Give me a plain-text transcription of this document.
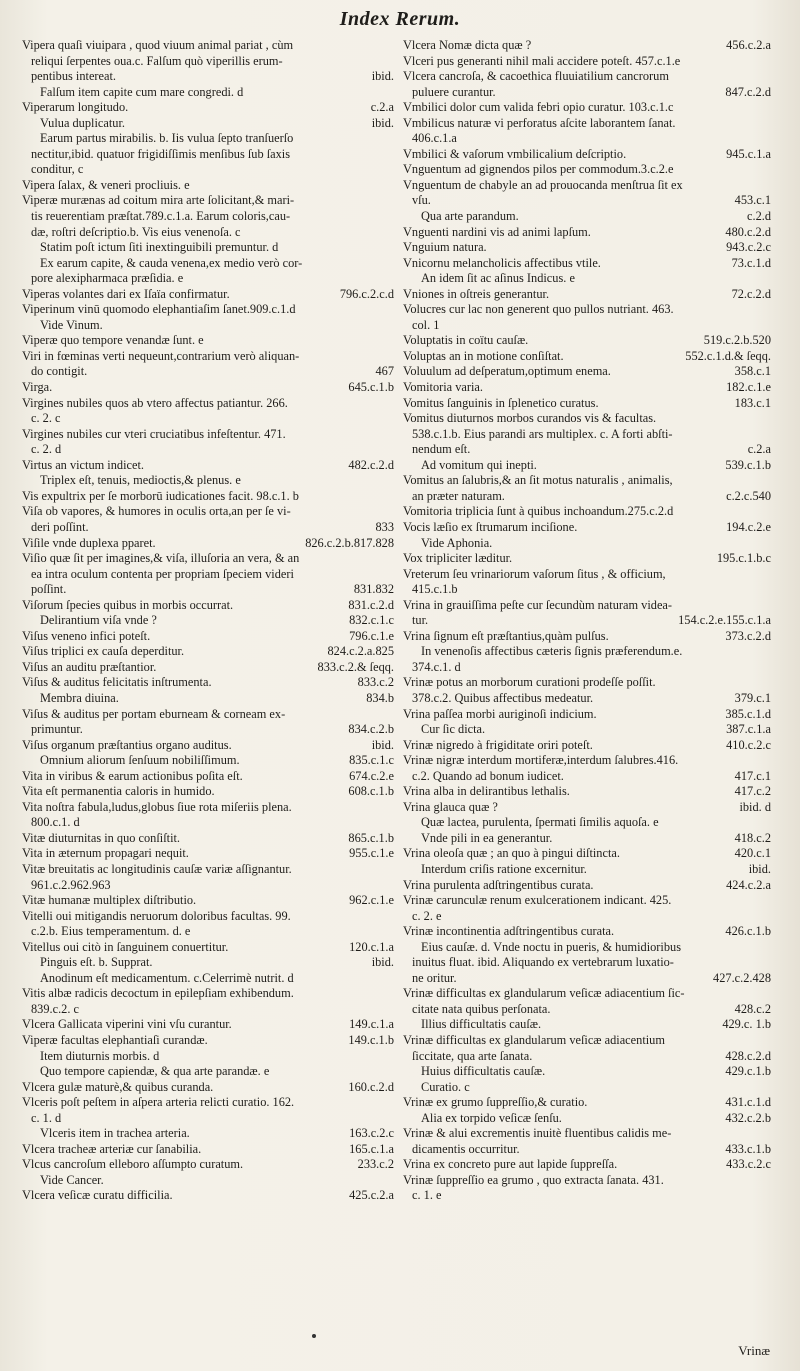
Index Rerum.
Vipera quaſi viuipara , quod viuum animal pariat , cùm
reliqui ſerpentes oua.c. Falſum quò viperillis erum-
pentibus intereat.	ibid.
Falſum item capite cum mare congredi. d
Viperarum longitudo.	c.2.a
Vulua duplicatur.	ibid.
Earum partus mirabilis. b. Iis vulua ſepto tranſuerſo
nectitur,ibid. quatuor frigidiſſimis menſibus ſub ſaxis
conditur, c
Vipera ſalax, & veneri procliuis. e
Viperæ murænas ad coitum mira arte ſolicitant,& mari-
tis reuerentiam præſtat.789.c.1.a. Earum coloris,cau-
dæ, roſtri deſcriptio.b. Vis eius venenoſa. c
Statim poſt ictum ſiti inextinguibili premuntur. d
Ex earum capite, & cauda venena,ex medio verò cor-
pore alexipharmaca præſidia. e
Viperas volantes dari ex Iſaïa confirmatur.	796.c.2.c.d
Viperinum vinū quomodo elephantiaſim ſanet.909.c.1.d
Vide Vinum.
Viperæ quo tempore venandæ ſunt. e
Viri in fœminas verti nequeunt,contrarium verò aliquan-
do contigit.	467
Virga.	645.c.1.b
Virgines nubiles quos ab vtero affectus patiantur. 266.
c. 2. c
Virgines nubiles cur vteri cruciatibus infeſtentur. 471.
c. 2. d
Virtus an victum indicet.	482.c.2.d
Triplex eſt, tenuis, medioctis,& plenus. e
Vis expultrix per ſe morborū iudicationes facit. 98.c.1. b
Viſa ob vapores, & humores in oculis orta,an per ſe vi-
deri poſſint.	833
Viſile vnde duplexa pparet.	826.c.2.b.817.828
Viſio quæ ſit per imagines,& viſa, illuſoria an vera, & an
ea intra oculum contenta per propriam ſpeciem videri
poſſint.	831.832
Viſorum ſpecies quibus in morbis occurrat.	831.c.2.d
Delirantium viſa vnde ?	832.c.1.c
Viſus veneno infici poteſt.	796.c.1.e
Viſus triplici ex cauſa deperditur.	824.c.2.a.825
Viſus an auditu præſtantior.	833.c.2.& ſeqq.
Viſus & auditus felicitatis inſtrumenta.	833.c.2
Membra diuina.	834.b
Viſus & auditus per portam eburneam & corneam ex-
primuntur.	834.c.2.b
Viſus organum præſtantius organo auditus.	ibid.
Omnium aliorum ſenſuum nobiliſſimum.	835.c.1.c
Vita in viribus & earum actionibus poſita eſt.	674.c.2.e
Vita eſt permanentia caloris in humido.	608.c.1.b
Vita noſtra fabula,ludus,globus ſiue rota miſeriis plena.
800.c.1. d
Vitæ diuturnitas in quo conſiſtit.	865.c.1.b
Vita in æternum propagari nequit.	955.c.1.e
Vitæ breuitatis ac longitudinis cauſæ variæ aſſignantur.
961.c.2.962.963
Vitæ humanæ multiplex diſtributio.	962.c.1.e
Vitelli oui mitigandis neruorum doloribus facultas. 99.
c.2.b. Eius temperamentum. d. e
Vitellus oui citò in ſanguinem conuertitur.	120.c.1.a
Pinguis eſt. b. Supprat.	ibid.
Anodinum eſt medicamentum. c.Celerrimè nutrit. d
Vitis albæ radicis decoctum in epilepſiam exhibendum.
839.c.2. c
Vlcera Gallicata viperini vini vſu curantur.	149.c.1.a
Viperæ facultas elephantiaſi curandæ.	149.c.1.b
Item diuturnis morbis. d
Quo tempore capiendæ, & qua arte parandæ. e
Vlcera gulæ maturè,& quibus curanda.	160.c.2.d
Vlceris poſt peſtem in aſpera arteria relicti curatio. 162.
c. 1. d
Vlceris item in trachea arteria.	163.c.2.c
Vlcera tracheæ arteriæ cur ſanabilia.	165.c.1.a
Vlcus cancroſum elleboro aſſumpto curatum.	233.c.2
Vide Cancer.
Vlcera veſicæ curatu difficilia.	425.c.2.a
Vlcera Nomæ dicta quæ ?	456.c.2.a
Vlceri pus generanti nihil mali accidere poteſt. 457.c.1.e
Vlcera cancroſa, & cacoethica fluuiatilium cancrorum
puluere curantur.	847.c.2.d
Vmbilici dolor cum valida febri opio curatur. 103.c.1.c
Vmbilicus naturæ vi perforatus aſcite laborantem ſanat.
406.c.1.a
Vmbilici & vaſorum vmbilicalium deſcriptio.	945.c.1.a
Vnguentum ad gignendos pilos per commodum.3.c.2.e
Vnguentum de chabyle an ad prouocanda menſtrua ſit ex
vſu.	453.c.1
Qua arte parandum.	c.2.d
Vnguenti nardini vis ad animi lapſum.	480.c.2.d
Vnguium natura.	943.c.2.c
Vnicornu melancholicis affectibus vtile.	73.c.1.d
An idem ſit ac aſinus Indicus. e
Vniones in oſtreis generantur.	72.c.2.d
Volucres cur lac non generent quo pullos nutriant. 463.
col. 1
Voluptatis in coïtu cauſæ.	519.c.2.b.520
Voluptas an in motione conſiſtat.	552.c.1.d.& ſeqq.
Voluulum ad deſperatum,optimum enema.	358.c.1
Vomitoria varia.	182.c.1.e
Vomitus ſanguinis in ſplenetico curatus.	183.c.1
Vomitus diuturnos morbos curandos vis & facultas.
538.c.1.b. Eius parandi ars multiplex. c. A forti abſti-
nendum eſt.	c.2.a
Ad vomitum qui inepti.	539.c.1.b
Vomitus an ſalubris,& an ſit motus naturalis , animalis,
an præter naturam.	c.2.c.540
Vomitoria triplicia ſunt à quibus inchoandum.275.c.2.d
Vocis læſio ex ſtrumarum inciſione.	194.c.2.e
Vide Aphonia.
Vox tripliciter læditur.	195.c.1.b.c
Vreterum ſeu vrinariorum vaſorum ſitus , & officium,
415.c.1.b
Vrina in grauiſſima peſte cur ſecundùm naturam videa-
tur.	154.c.2.e.155.c.1.a
Vrina ſignum eſt præſtantius,quàm pulſus.	373.c.2.d
In venenoſis affectibus cæteris ſignis præferendum.e.
374.c.1. d
Vrinæ potus an morborum curationi prodeſſe poſſit.
378.c.2. Quibus affectibus medeatur.	379.c.1
Vrina paſſea morbi auriginoſi indicium.	385.c.1.d
Cur ſic dicta.	387.c.1.a
Vrinæ nigredo à frigiditate oriri poteſt.	410.c.2.c
Vrinæ nigræ interdum mortiferæ,interdum ſalubres.416.
c.2. Quando ad bonum iudicet.	417.c.1
Vrina alba in delirantibus lethalis.	417.c.2
Vrina glauca quæ ?	ibid. d
Quæ lactea, purulenta, ſpermati ſimilis aquoſa. e
Vnde pili in ea generantur.	418.c.2
Vrina oleoſa quæ ; an quo à pingui diſtincta.	420.c.1
Interdum criſis ratione excernitur.	ibid.
Vrina purulenta adſtringentibus curata.	424.c.2.a
Vrinæ carunculæ renum exulcerationem indicant. 425.
c. 2. e
Vrinæ incontinentia adſtringentibus curata.	426.c.1.b
Eius cauſæ. d. Vnde noctu in pueris, & humidioribus
inuitus fluat. ibid. Aliquando ex vertebrarum luxatio-
ne oritur.	427.c.2.428
Vrinæ difficultas ex glandularum veſicæ adiacentium ſic-
citate nata quibus perſonata.	428.c.2
Illius difficultatis cauſæ.	429.c. 1.b
Vrinæ difficultas ex glandularum veſicæ adiacentium
ſiccitate, qua arte ſanata.	428.c.2.d
Huius difficultatis cauſæ.	429.c.1.b
Curatio. c
Vrinæ ex grumo ſuppreſſio,& curatio.	431.c.1.d
Alia ex torpido veſicæ ſenſu.	432.c.2.b
Vrinæ & alui excrementis inuitè fluentibus calidis me-
dicamentis occurritur.	433.c.1.b
Vrina ex concreto pure aut lapide ſuppreſſa.	433.c.2.c
Vrinæ ſuppreſſio ea grumo , quo extracta ſanata. 431.
c. 1. e
Vrinæ
